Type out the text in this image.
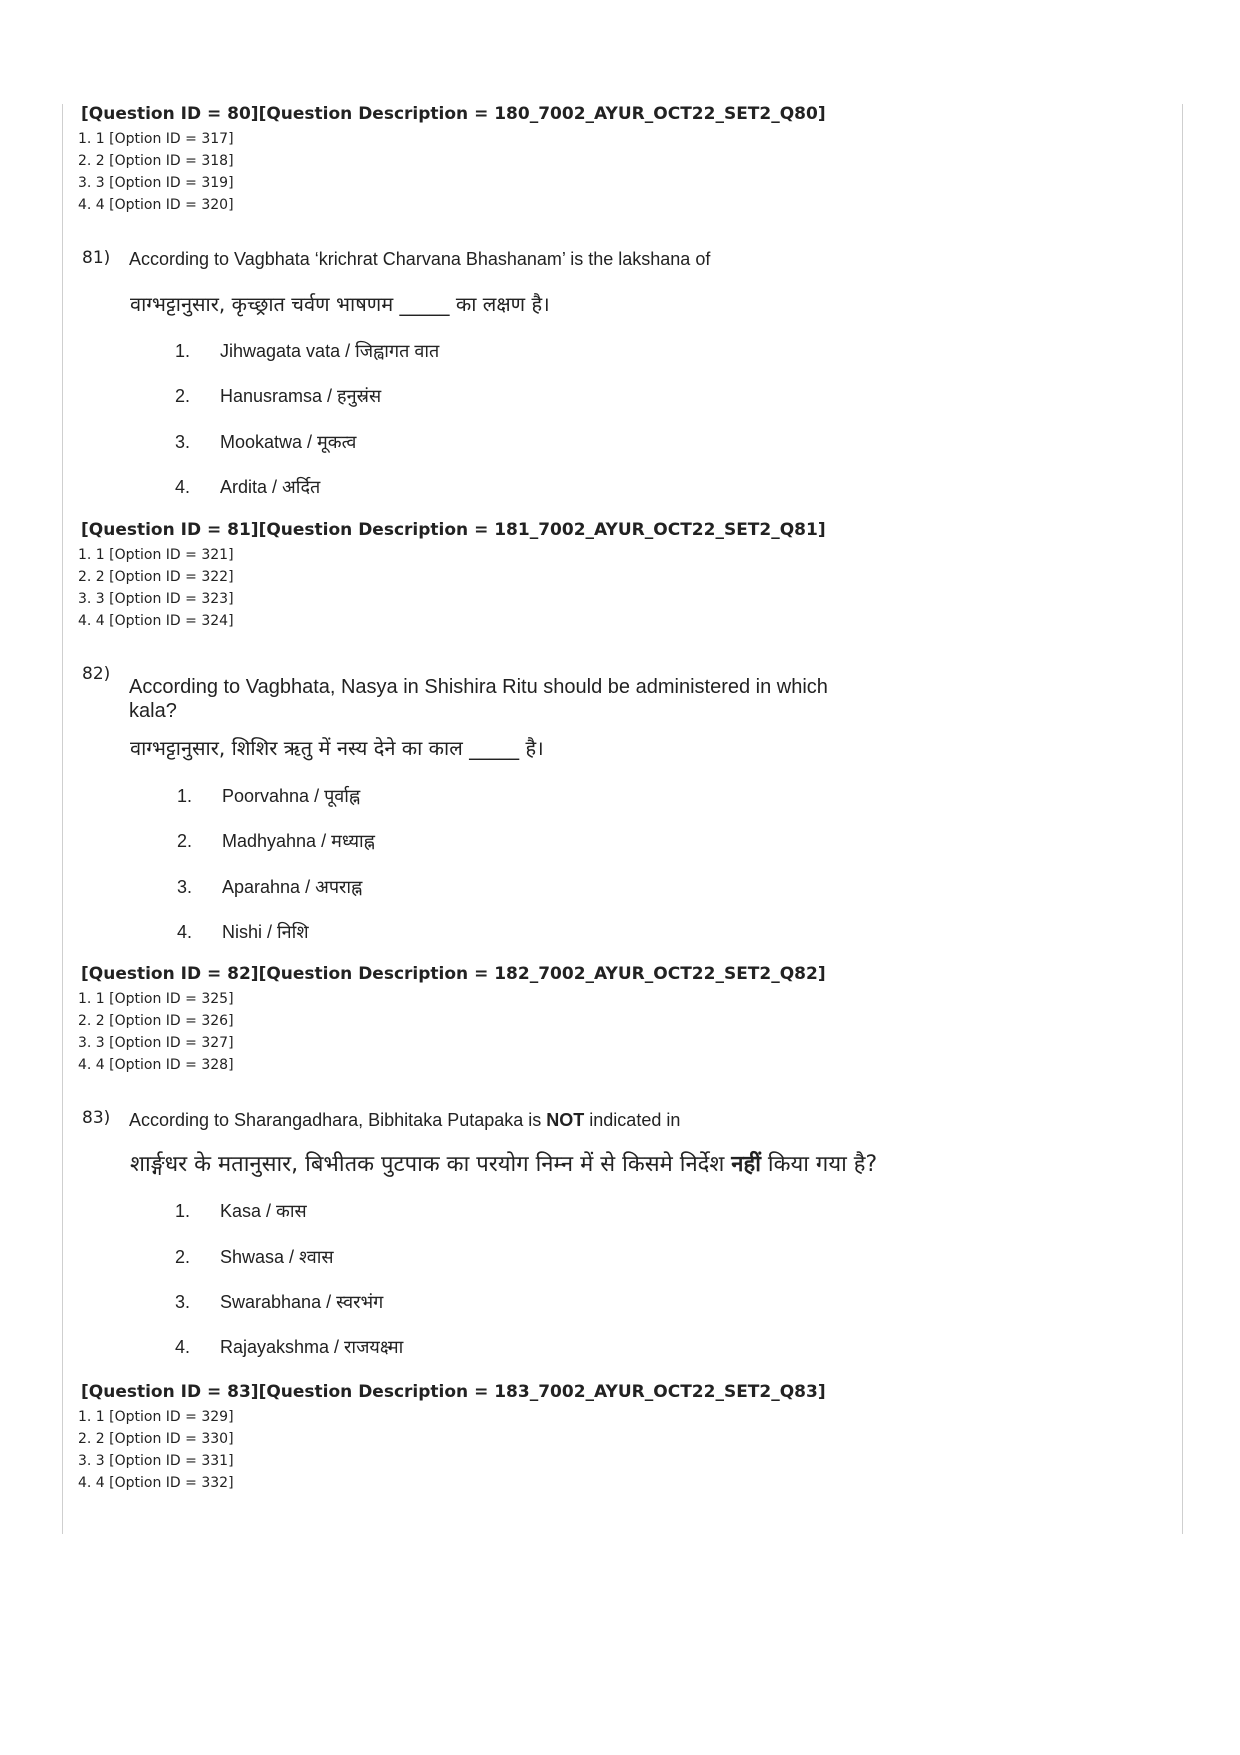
[Question ID = 80][Question Description = 180_7002_AYUR_OCT22_SET2_Q80]
1. 1 [Option ID = 317]
2. 2 [Option ID = 318]
3. 3 [Option ID = 319]
4. 4 [Option ID = 320]
81) According to Vagbhata ‘krichrat Charvana Bhashanam’ is the lakshana of
वाग्भट्टानुसार, कृच्छ्रात चर्वण भाषणम _____ का लक्षण है।
1. Jihwagata vata / जिह्वागत वात
2. Hanusramsa / हनुस्रंस
3. Mookatwa / मूकत्व
4. Ardita / अर्दित
[Question ID = 81][Question Description = 181_7002_AYUR_OCT22_SET2_Q81]
1. 1 [Option ID = 321]
2. 2 [Option ID = 322]
3. 3 [Option ID = 323]
4. 4 [Option ID = 324]
82)
According to Vagbhata, Nasya in Shishira Ritu should be administered in which
kala?
वाग्भट्टानुसार, शिशिर ऋतु में नस्य देने का काल _____ है।
1. Poorvahna / पूर्वाह्न
2. Madhyahna / मध्याह्न
3. Aparahna / अपराह्न
4. Nishi / निशि
[Question ID = 82][Question Description = 182_7002_AYUR_OCT22_SET2_Q82]
1. 1 [Option ID = 325]
2. 2 [Option ID = 326]
3. 3 [Option ID = 327]
4. 4 [Option ID = 328]
83) According to Sharangadhara, Bibhitaka Putapaka is NOT indicated in
शार्ङ्गधर के मतानुसार, बिभीतक पुटपाक का परयोग निम्न में से किसमे निर्देश नहीं किया गया है?
1. Kasa / कास
2. Shwasa / श्वास
3. Swarabhana / स्वरभंग
4. Rajayakshma / राजयक्ष्मा
[Question ID = 83][Question Description = 183_7002_AYUR_OCT22_SET2_Q83]
1. 1 [Option ID = 329]
2. 2 [Option ID = 330]
3. 3 [Option ID = 331]
4. 4 [Option ID = 332]
